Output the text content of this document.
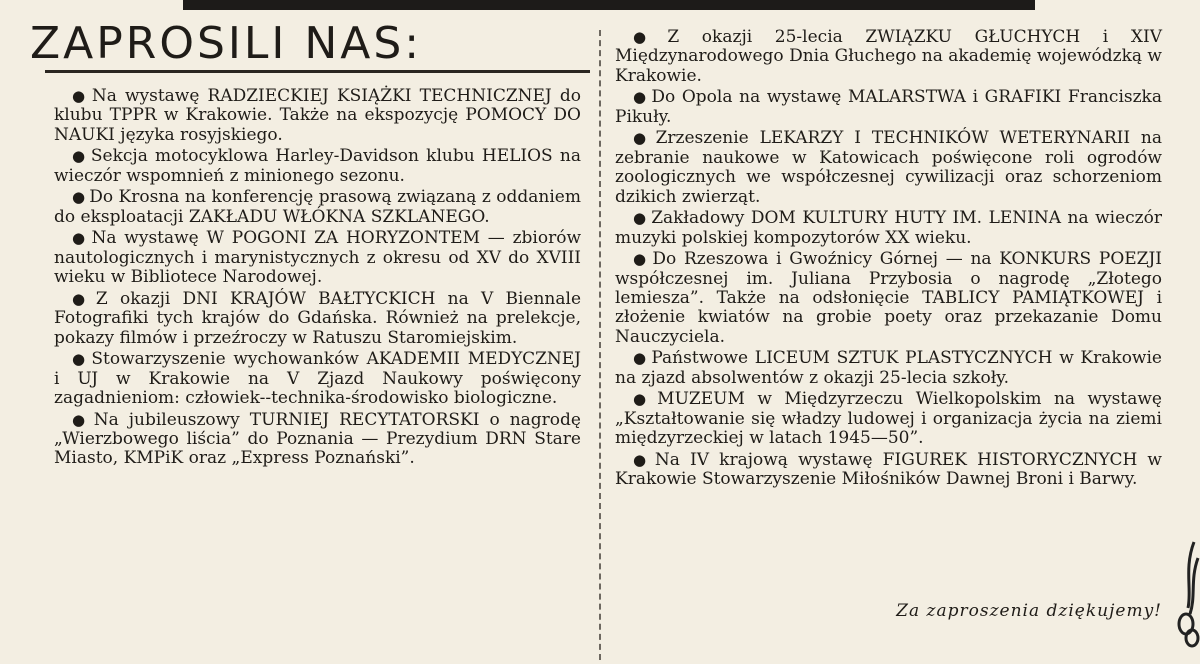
ZAPROSILI NAS:

● Na wystawę RADZIECKIEJ KSIĄŻKI TECHNICZNEJ do klubu TPPR w Krakowie. Także na ekspozycję POMOCY DO NAUKI języka rosyjskiego.

● Sekcja motocyklowa Harley-Davidson klubu HELIOS na wieczór wspomnień z minionego sezonu.

● Do Krosna na konferencję prasową związaną z oddaniem do eksploatacji ZAKŁADU WŁÓKNA SZKLANEGO.

● Na wystawę W POGONI ZA HORYZONTEM — zbiorów nautologicznych i marynistycznych z okresu od XV do XVIII wieku w Bibliotece Narodowej.

● Z okazji DNI KRAJÓW BAŁTYCKICH na V Biennale Fotografiki tych krajów do Gdańska. Również na prelekcje, pokazy filmów i przeźroczy w Ratuszu Staromiejskim.

● Stowarzyszenie wychowanków AKADEMII MEDYCZNEJ i UJ w Krakowie na V Zjazd Naukowy poświęcony zagadnieniom: człowiek--technika-środowisko biologiczne.

● Na jubileuszowy TURNIEJ RECYTATORSKI o nagrodę „Wierzbowego liścia” do Poznania — Prezydium DRN Stare Miasto, KMPiK oraz „Express Poznański”.

● Z okazji 25-lecia ZWIĄZKU GŁUCHYCH i XIV Międzynarodowego Dnia Głuchego na akademię wojewódzką w Krakowie.

● Do Opola na wystawę MALARSTWA i GRAFIKI Franciszka Pikuły.

● Zrzeszenie LEKARZY I TECHNIKÓW WETERYNARII na zebranie naukowe w Katowicach poświęcone roli ogrodów zoologicznych we współczesnej cywilizacji oraz schorzeniom dzikich zwierząt.

● Zakładowy DOM KULTURY HUTY IM. LENINA na wieczór muzyki polskiej kompozytorów XX wieku.

● Do Rzeszowa i Gwoźnicy Górnej — na KONKURS POEZJI współczesnej im. Juliana Przybosia o nagrodę „Złotego lemiesza”. Także na odsłonięcie TABLICY PAMIĄTKOWEJ i złożenie kwiatów na grobie poety oraz przekazanie Domu Nauczyciela.

● Państwowe LICEUM SZTUK PLASTYCZNYCH w Krakowie na zjazd absolwentów z okazji 25-lecia szkoły.

● MUZEUM w Międzyrzeczu Wielkopolskim na wystawę „Kształtowanie się władzy ludowej i organizacja życia na ziemi międzyrzeckiej w latach 1945—50”.

● Na IV krajową wystawę FIGUREK HISTORYCZNYCH w Krakowie Stowarzyszenie Miłośników Dawnej Broni i Barwy.

Za zaproszenia dziękujemy!
